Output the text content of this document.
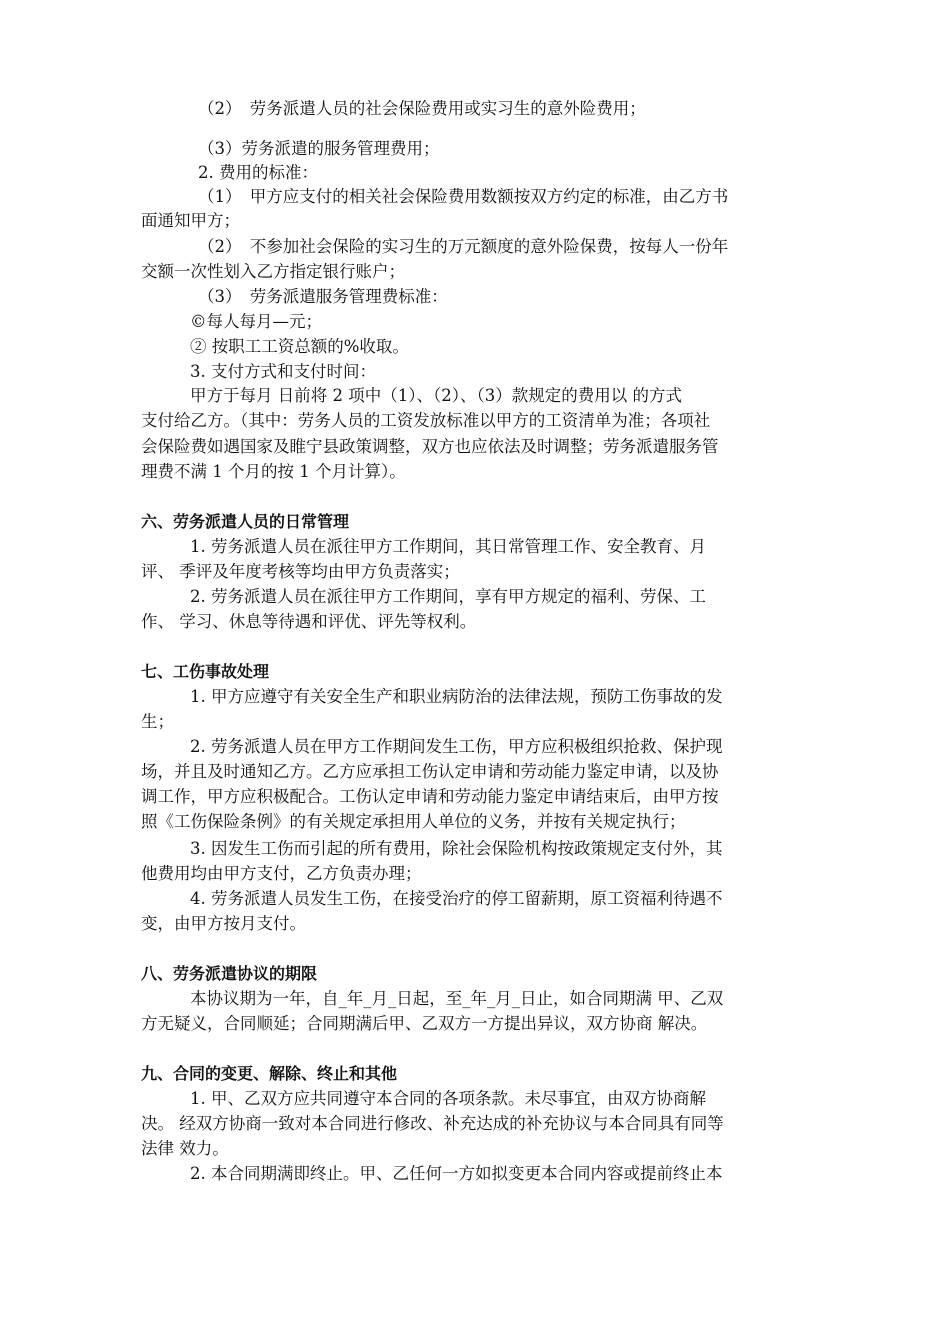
（2）　劳务派遣人员的社会保险费用或实习生的意外险费用；
（3）劳务派遣的服务管理费用；
2. 费用的标准：
（1）　甲方应支付的相关社会保险费用数额按双方约定的标准，由乙方书
面通知甲方；
（2）　不参加社会保险的实习生的万元额度的意外险保费，按每人一份年
交额一次性划入乙方指定银行账户；
（3）　劳务派遣服务管理费标准：
©每人每月—元；
② 按职工工资总额的%收取。
3. 支付方式和支付时间：
甲方于每月 日前将 2 项中（1）、（2）、（3）款规定的费用以 的方式
支付给乙方。（其中：劳务人员的工资发放标准以甲方的工资清单为准；各项社
会保险费如遇国家及睢宁县政策调整，双方也应依法及时调整；劳务派遣服务管
理费不满 1 个月的按 1 个月计算）。
六、劳务派遣人员的日常管理
1. 劳务派遣人员在派往甲方工作期间，其日常管理工作、安全教育、月
评、 季评及年度考核等均由甲方负责落实；
2. 劳务派遣人员在派往甲方工作期间，享有甲方规定的福利、劳保、工
作、 学习、休息等待遇和评优、评先等权利。
七、工伤事故处理
1. 甲方应遵守有关安全生产和职业病防治的法律法规，预防工伤事故的发
生；
2. 劳务派遣人员在甲方工作期间发生工伤，甲方应积极组织抢救、保护现
场，并且及时通知乙方。乙方应承担工伤认定申请和劳动能力鉴定申请，以及协
调工作，甲方应积极配合。工伤认定申请和劳动能力鉴定申请结束后，由甲方按
照《工伤保险条例》的有关规定承担用人单位的义务，并按有关规定执行；
3. 因发生工伤而引起的所有费用，除社会保险机构按政策规定支付外，其
他费用均由甲方支付，乙方负责办理；
4. 劳务派遣人员发生工伤，在接受治疗的停工留薪期，原工资福利待遇不
变，由甲方按月支付。
八、劳务派遣协议的期限
本协议期为一年，自_年_月_日起，至_年_月_日止，如合同期满 甲、乙双
方无疑义，合同顺延；合同期满后甲、乙双方一方提出异议，双方协商 解决。
九、合同的变更、解除、终止和其他
1. 甲、乙双方应共同遵守本合同的各项条款。未尽事宜，由双方协商解
决。 经双方协商一致对本合同进行修改、补充达成的补充协议与本合同具有同等
法律 效力。
2. 本合同期满即终止。甲、乙任何一方如拟变更本合同内容或提前终止本
